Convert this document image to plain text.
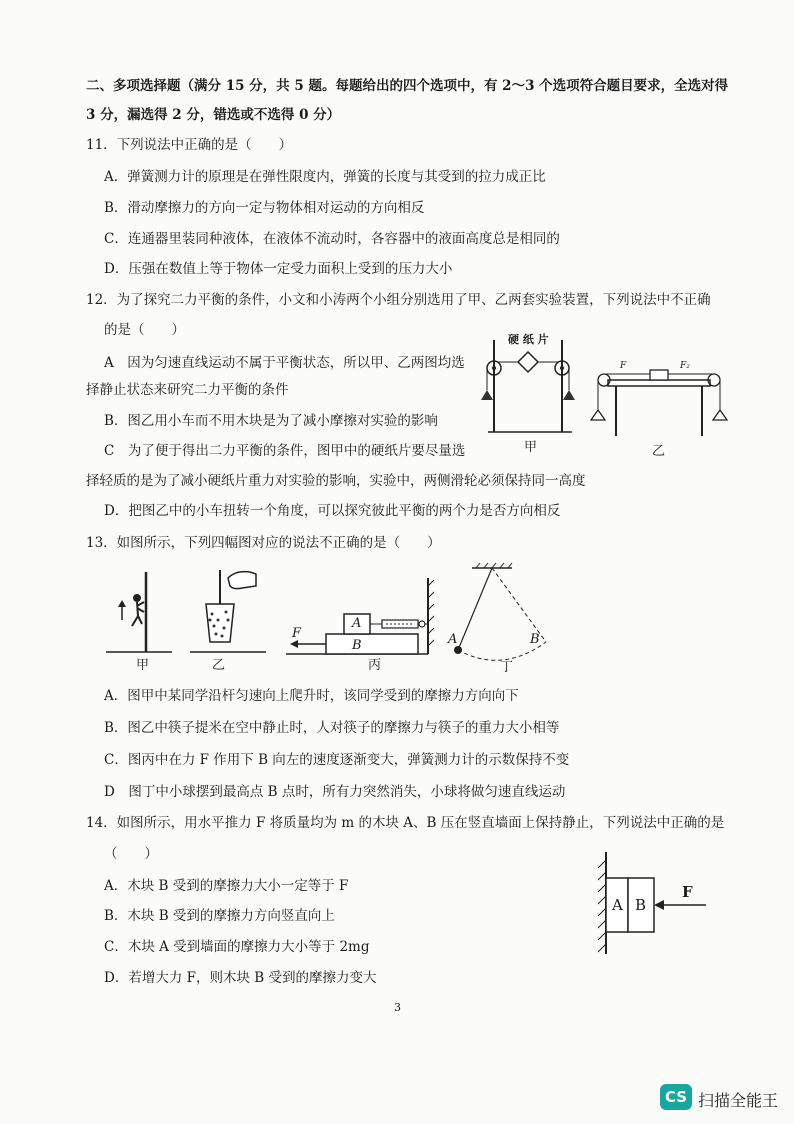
二、多项选择题（满分 15 分，共 5 题。每题给出的四个选项中，有 2～3 个选项符合题目要求，全选对得
3 分，漏选得 2 分，错选或不选得 0 分）
11．下列说法中正确的是（　　）
A．弹簧测力计的原理是在弹性限度内，弹簧的长度与其受到的拉力成正比
B．滑动摩擦力的方向一定与物体相对运动的方向相反
C．连通器里装同种液体，在液体不流动时，各容器中的液面高度总是相同的
D．压强在数值上等于物体一定受力面积上受到的压力大小
12．为了探究二力平衡的条件，小文和小涛两个小组分别选用了甲、乙两套实验装置，下列说法中不正确
的是（　　）
A　因为匀速直线运动不属于平衡状态，所以甲、乙两图均选
择静止状态来研究二力平衡的条件
B．图乙用小车而不用木块是为了减小摩擦对实验的影响
C　为了便于得出二力平衡的条件，图甲中的硬纸片要尽量选
择轻质的是为了减小硬纸片重力对实验的影响，实验中，两侧滑轮必须保持同一高度
D．把图乙中的小车扭转一个角度，可以探究彼此平衡的两个力是否方向相反
硬 纸 片
甲
F	F₂
乙
13．如图所示，下列四幅图对应的说法不正确的是（　　）
甲	乙
A
B
F
丙
A	B
丁
A．图甲中某同学沿杆匀速向上爬升时，该同学受到的摩擦力方向向下
B．图乙中筷子提米在空中静止时，人对筷子的摩擦力与筷子的重力大小相等
C．图丙中在力 F 作用下 B 向左的速度逐渐变大，弹簧测力计的示数保持不变
D　图丁中小球摆到最高点 B 点时，所有力突然消失，小球将做匀速直线运动
14．如图所示，用水平推力 F 将质量均为 m 的木块 A、B 压在竖直墙面上保持静止，下列说法中正确的是
（　　）
A．木块 B 受到的摩擦力大小一定等于 F
B．木块 B 受到的摩擦力方向竖直向上
C．木块 A 受到墙面的摩擦力大小等于 2mg
D．若增大力 F，则木块 B 受到的摩擦力变大
A B
F
3
CS 扫描全能王
